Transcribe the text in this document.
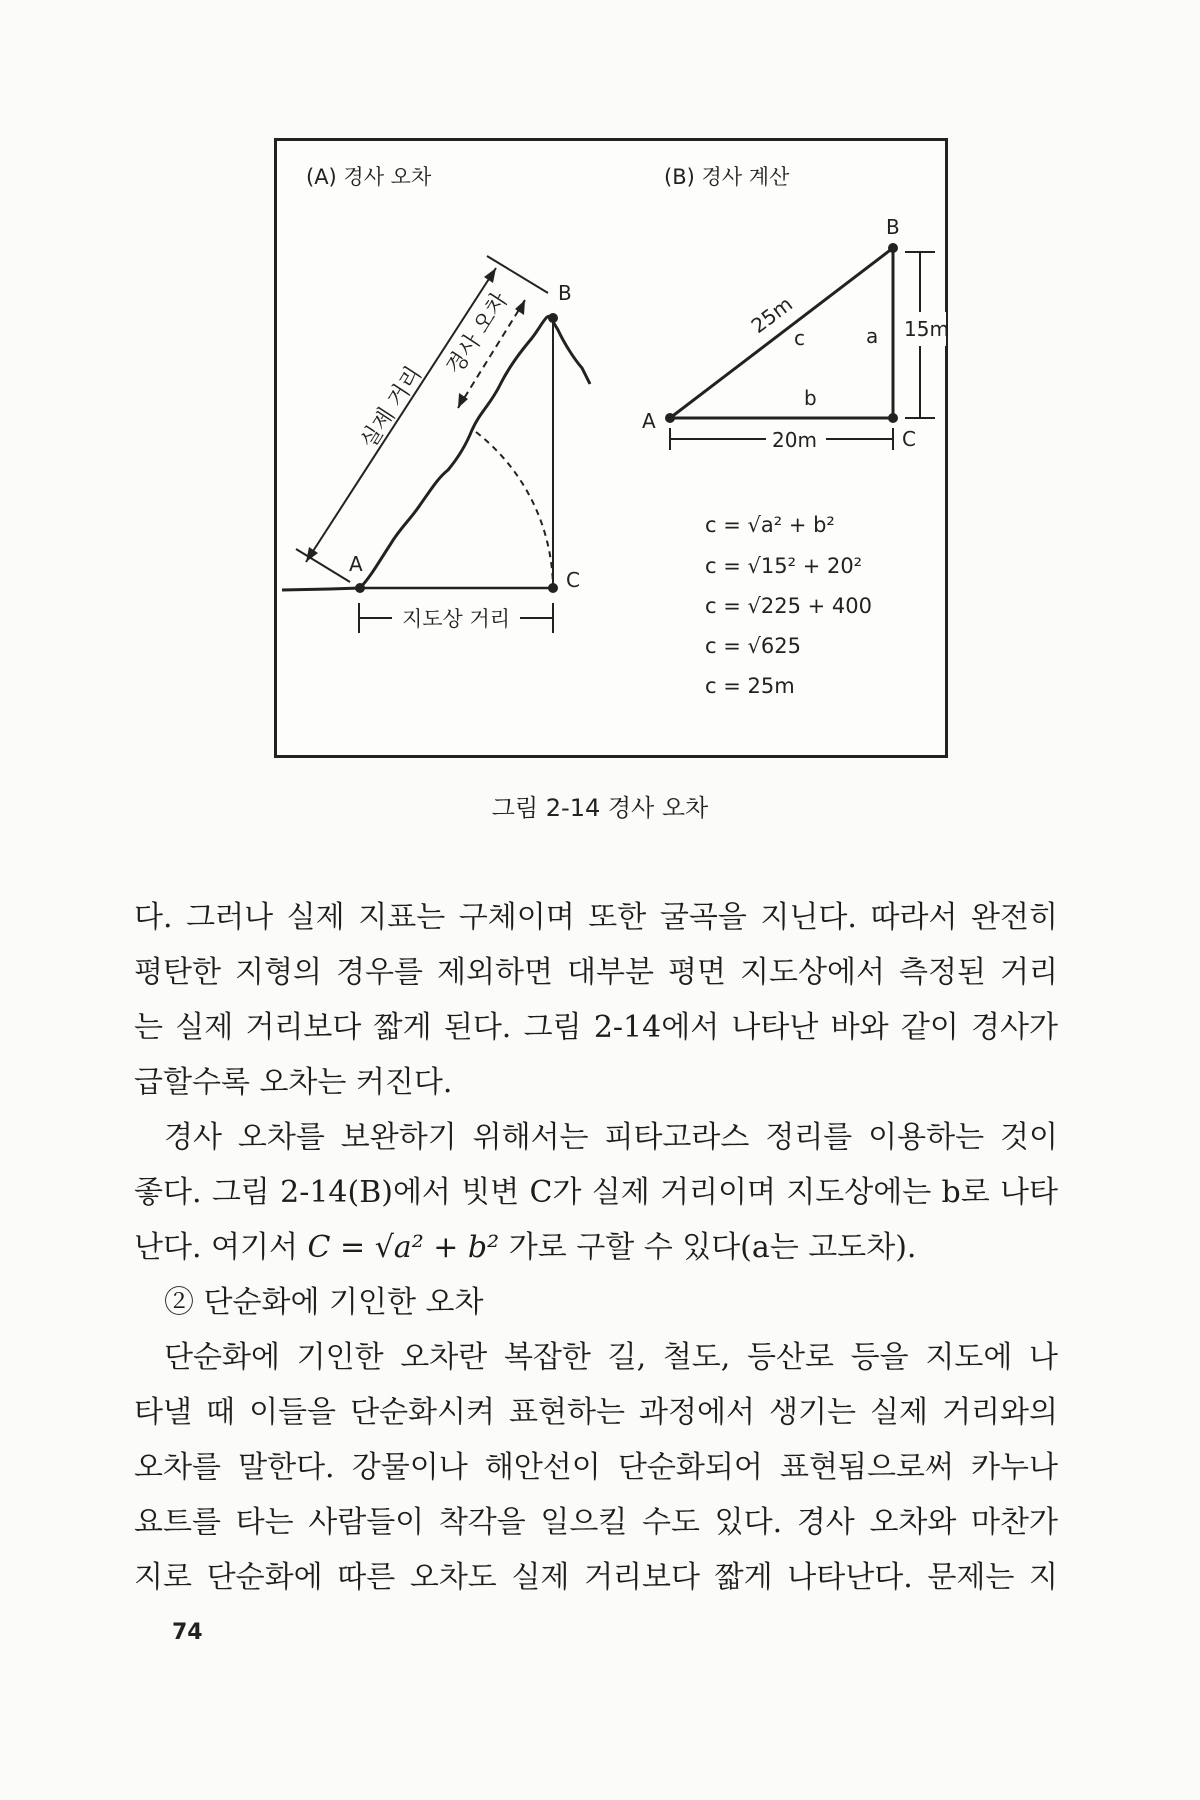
(A) 경사 오차	(B) 경사 계산
A
B
C
실제 거리
경사 오차
지도상 거리
A
B
C
25m
c	a
b
15m
20m
c = √a² + b²
c = √15² + 20²
c = √225 + 400
c = √625
c = 25m
그림 2-14 경사 오차

다. 그러나 실제 지표는 구체이며 또한 굴곡을 지닌다. 따라서 완전히

평탄한 지형의 경우를 제외하면 대부분 평면 지도상에서 측정된 거리

는 실제 거리보다 짧게 된다. 그림 2-14에서 나타난 바와 같이 경사가

급할수록 오차는 커진다.

경사 오차를 보완하기 위해서는 피타고라스 정리를 이용하는 것이

좋다. 그림 2-14(B)에서 빗변 C가 실제 거리이며 지도상에는 b로 나타

난다. 여기서 C = √a² + b² 가로 구할 수 있다(a는 고도차).

② 단순화에 기인한 오차

단순화에 기인한 오차란 복잡한 길, 철도, 등산로 등을 지도에 나

타낼 때 이들을 단순화시켜 표현하는 과정에서 생기는 실제 거리와의

오차를 말한다. 강물이나 해안선이 단순화되어 표현됨으로써 카누나

요트를 타는 사람들이 착각을 일으킬 수도 있다. 경사 오차와 마찬가

지로 단순화에 따른 오차도 실제 거리보다 짧게 나타난다. 문제는 지

74
